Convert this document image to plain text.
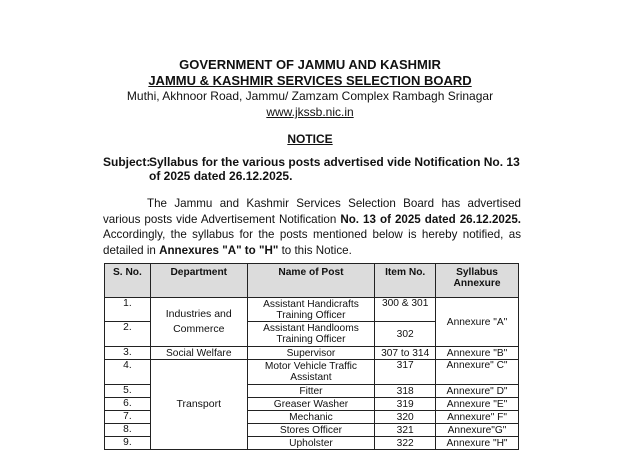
GOVERNMENT OF JAMMU AND KASHMIR
JAMMU & KASHMIR SERVICES SELECTION BOARD
Muthi, Akhnoor Road, Jammu/ Zamzam Complex Rambagh Srinagar
www.jkssb.nic.in
NOTICE
Subject:
Syllabus for the various posts advertised vide Notification No. 13 of 2025 dated 26.12.2025.
The Jammu and Kashmir Services Selection Board has advertised various posts vide Advertisement Notification No. 13 of 2025 dated 26.12.2025. Accordingly, the syllabus for the posts mentioned below is hereby notified, as detailed in Annexures "A" to "H" to this Notice.
S. No.	Department	Name of Post	Item No.	Syllabus Annexure
1.	Industries and Commerce	Assistant Handicrafts Training Officer	300 & 301	Annexure "A"
2.		Assistant Handlooms Training Officer	302	
3.	Social Welfare	Supervisor	307 to 314	Annexure "B"
4.	Transport	Motor Vehicle Traffic Assistant	317	Annexure" C"
5.		Fitter	318	Annexure" D"
6.		Greaser Washer	319	Annexure "E"
7.		Mechanic	320	Annexure" F"
8.		Stores Officer	321	Annexure"G"
9.		Upholster	322	Annexure "H"
